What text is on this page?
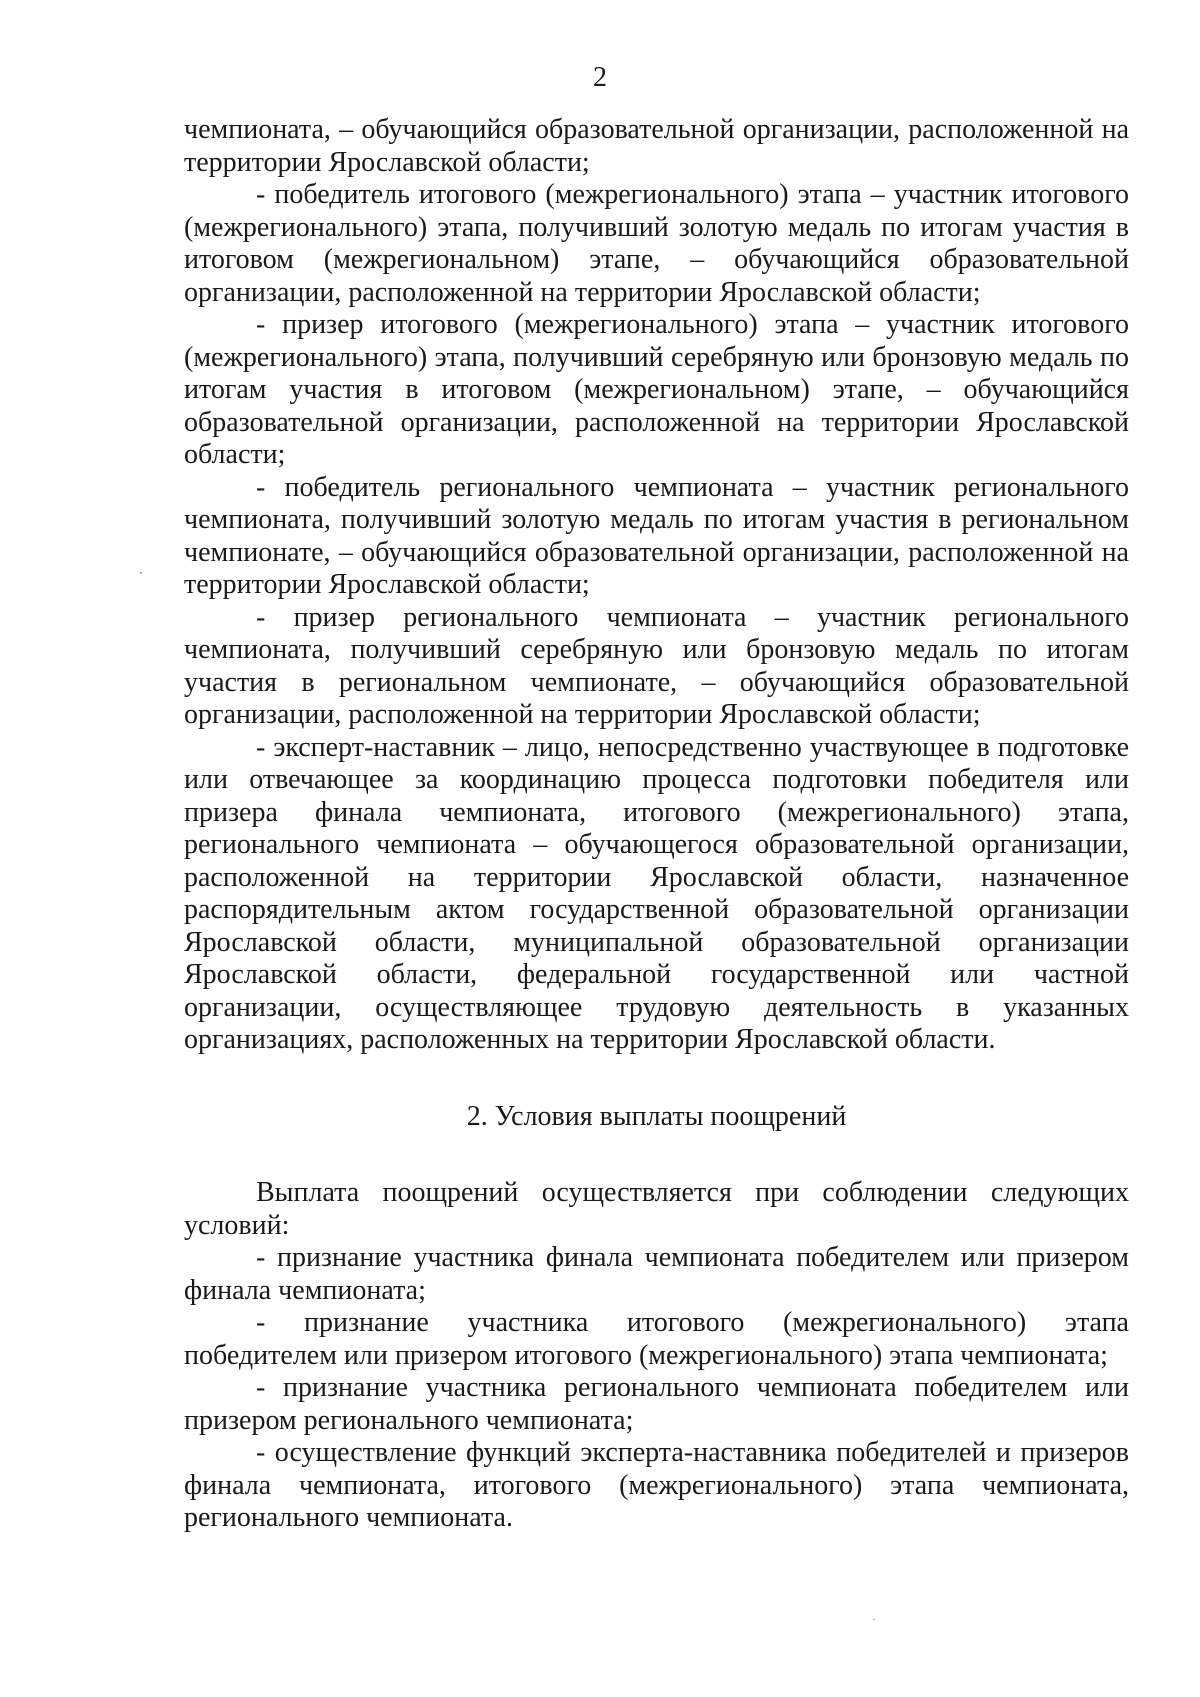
2

чемпионата, – обучающийся образовательной организации, расположенной на территории Ярославской области;

- победитель итогового (межрегионального) этапа – участник итогового (межрегионального) этапа, получивший золотую медаль по итогам участия в итоговом (межрегиональном) этапе, – обучающийся образовательной организации, расположенной на территории Ярославской области;

- призер итогового (межрегионального) этапа – участник итогового (межрегионального) этапа, получивший серебряную или бронзовую медаль по итогам участия в итоговом (межрегиональном) этапе, – обучающийся образовательной организации, расположенной на территории Ярославской области;

- победитель регионального чемпионата – участник регионального чемпионата, получивший золотую медаль по итогам участия в региональном чемпионате, – обучающийся образовательной организации, расположенной на территории Ярославской области;

- призер регионального чемпионата – участник регионального чемпионата, получивший серебряную или бронзовую медаль по итогам участия в региональном чемпионате, – обучающийся образовательной организации, расположенной на территории Ярославской области;

- эксперт-наставник – лицо, непосредственно участвующее в подготовке или отвечающее за координацию процесса подготовки победителя или призера финала чемпионата, итогового (межрегионального) этапа, регионального чемпионата – обучающегося образовательной организации, расположенной на территории Ярославской области, назначенное распорядительным актом государственной образовательной организации Ярославской области, муниципальной образовательной организации Ярославской области, федеральной государственной или частной организации, осуществляющее трудовую деятельность в указанных организациях, расположенных на территории Ярославской области.

2. Условия выплаты поощрений

Выплата поощрений осуществляется при соблюдении следующих условий:

- признание участника финала чемпионата победителем или призером финала чемпионата;

- признание участника итогового (межрегионального) этапа победителем или призером итогового (межрегионального) этапа чемпионата;

- признание участника регионального чемпионата победителем или призером регионального чемпионата;

- осуществление функций эксперта-наставника победителей и призеров финала чемпионата, итогового (межрегионального) этапа чемпионата, регионального чемпионата.
